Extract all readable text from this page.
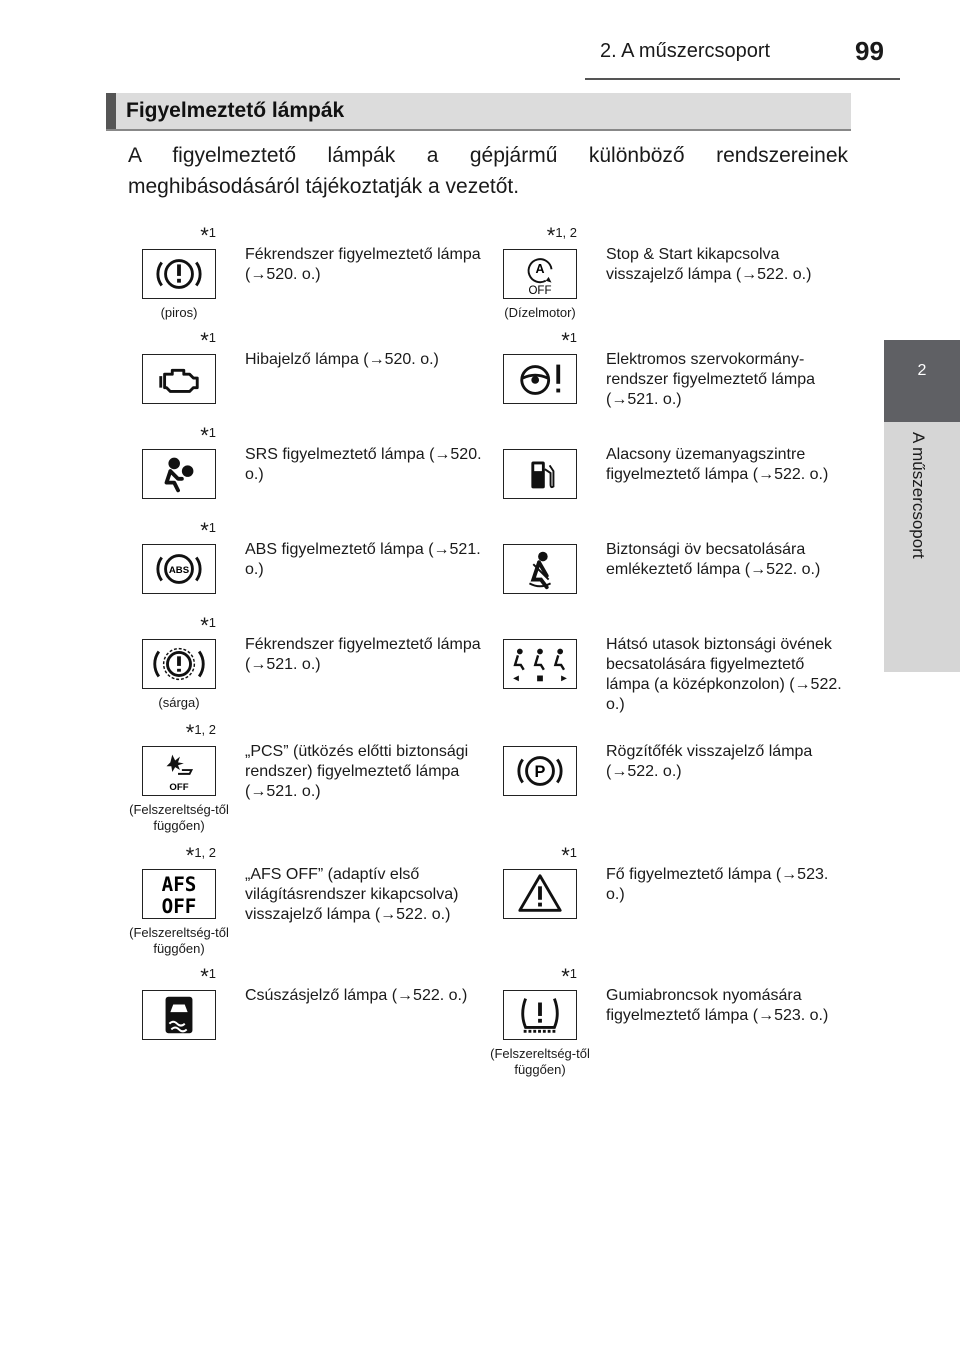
2. A műszercsoport	99
2
A műszercsoport
Figyelmeztető lámpák
A figyelmeztető lámpák a gépjármű különböző rendszereinek meghibásodásáról tájékoztatják a vezetőt.
*1
(piros)
Fékrendszer figyelmeztető lámpa (→520. o.)
*1, 2
A
OFF
(Dízelmotor)
Stop & Start kikapcsolva visszajelző lámpa (→522. o.)
*1
Hibajelző lámpa (→520. o.)
*1
Elektromos szervokormány-rendszer figyelmeztető lámpa (→521. o.)
*1
SRS figyelmeztető lámpa (→520. o.)
Alacsony üzemanyagszintre figyelmeztető lámpa (→522. o.)
*1
ABS
ABS figyelmeztető lámpa (→521. o.)
Biztonsági öv becsatolására emlékeztető lámpa (→522. o.)
*1
(sárga)
Fékrendszer figyelmeztető lámpa (→521. o.)
Hátsó utasok biztonsági övének becsatolására figyelmeztető lámpa (a középkonzolon) (→522. o.)
*1, 2
OFF
(Felszereltség-től függően)
„PCS” (ütközés előtti biztonsági rendszer) figyelmeztető lámpa (→521. o.)
P
Rögzítőfék visszajelző lámpa (→522. o.)
*1, 2
AFS
OFF
(Felszereltség-től függően)
„AFS OFF” (adaptív első világításrendszer kikapcsolva) visszajelző lámpa (→522. o.)
*1
Fő figyelmeztető lámpa (→523. o.)
*1
Csúszásjelző lámpa (→522. o.)
*1
(Felszereltség-től függően)
Gumiabroncsok nyomására figyelmeztető lámpa (→523. o.)
